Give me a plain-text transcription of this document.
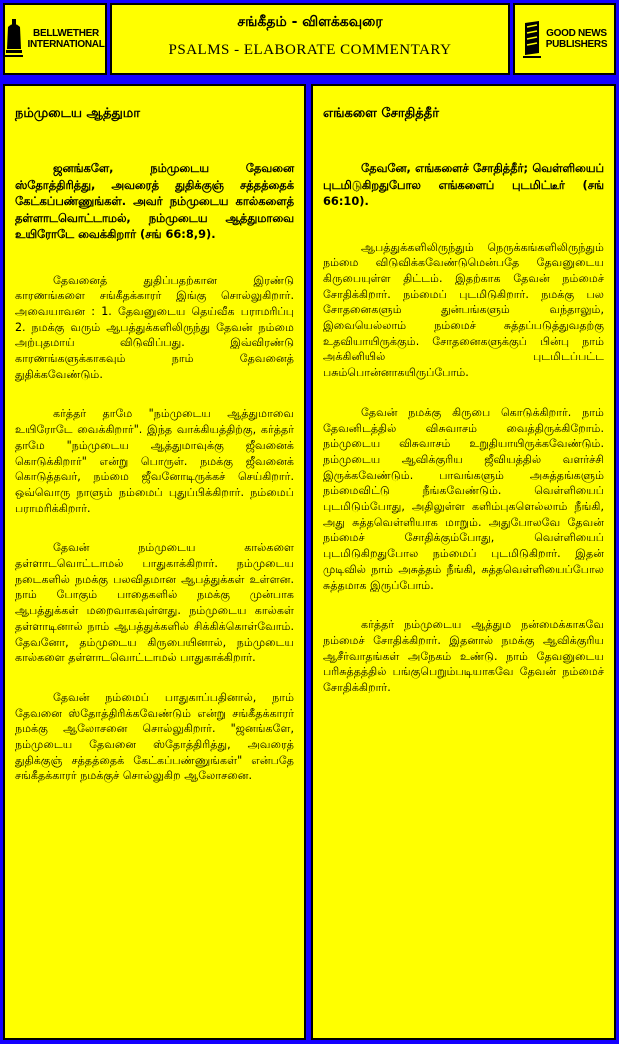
BELLWETHER
INTERNATIONAL
சங்கீதம் - விளக்கவுரை
PSALMS - ELABORATE COMMENTARY
GOOD NEWS
PUBLISHERS
நம்முடைய ஆத்துமா

ஜனங்களே, நம்முடைய தேவனை ஸ்தோத்திரித்து, அவரைத் துதிக்குஞ் சத்தத்தைக் கேட்கப்பண்ணுங்கள். அவர் நம்முடைய கால்களைத் தள்ளாடவொட்டாமல், நம்முடைய ஆத்துமாவை உயிரோடே வைக்கிறார் (சங் 66:8,9).

தேவனைத் துதிப்பதற்கான இரண்டு காரணங்களை சங்கீதக்காரர் இங்கு சொல்லுகிறார். அவையாவன : 1. தேவனுடைய தெய்வீக பராமரிப்பு 2. நமக்கு வரும் ஆபத்துக்களிலிருந்து தேவன் நம்மை அற்புதமாய் விடுவிப்பது. இவ்விரண்டு காரணங்களுக்காகவும் நாம் தேவனைத் துதிக்கவேண்டும்.

கர்த்தர் தாமே "நம்முடைய ஆத்துமாவை உயிரோடே வைக்கிறார்". இந்த வாக்கியத்திற்கு, கர்த்தர் தாமே "நம்முடைய ஆத்துமாவுக்கு ஜீவனைக் கொடுக்கிறார்" என்று பொருள். நமக்கு ஜீவனைக் கொடுத்தவர், நம்மை ஜீவனோடிருக்கச் செய்கிறார். ஒவ்வொரு நாளும் நம்மைப் புதுப்பிக்கிறார். நம்மைப் பராமரிக்கிறார்.

தேவன் நம்முடைய கால்களை தள்ளாடவொட்டாமல் பாதுகாக்கிறார். நம்முடைய நடைகளில் நமக்கு பலவிதமான ஆபத்துக்கள் உள்ளன. நாம் போகும் பாதைகளில் நமக்கு முன்பாக ஆபத்துக்கள் மறைவாகவுள்ளது. நம்முடைய கால்கள் தள்ளாடினால் நாம் ஆபத்துக்களில் சிக்கிக்கொள்வோம். தேவனோ, தம்முடைய கிருபையினால், நம்முடைய கால்களை தள்ளாடவொட்டாமல் பாதுகாக்கிறார்.

தேவன் நம்மைப் பாதுகாப்பதினால், நாம் தேவனை ஸ்தோத்திரிக்கவேண்டும் என்று சங்கீதக்காரர் நமக்கு ஆலோசனை சொல்லுகிறார். "ஜனங்களே, நம்முடைய தேவனை ஸ்தோத்திரித்து, அவரைத் துதிக்குஞ் சத்தத்தைக் கேட்கப்பண்ணுங்கள்" என்பதே சங்கீதக்காரர் நமக்குச் சொல்லுகிற ஆலோசனை.

எங்களை சோதித்தீர்

தேவனே, எங்களைச் சோதித்தீர்; வெள்ளியைப் புடமிடுகிறதுபோல எங்களைப் புடமிட்டீர் (சங் 66:10).

ஆபத்துக்களிலிருந்தும் நெருக்கங்களிலிருந்தும் நம்மை விடுவிக்கவேண்டுமென்பதே தேவனுடைய கிருபையுள்ள திட்டம். இதற்காக தேவன் நம்மைச் சோதிக்கிறார். நம்மைப் புடமிடுகிறார். நமக்கு பல சோதனைகளும் துன்பங்களும் வந்தாலும், இவையெல்லாம் நம்மைச் சுத்தப்படுத்துவதற்கு உதவியாயிருக்கும். சோதனைகளுக்குப் பின்பு நாம் அக்கினியில் புடமிடப்பட்ட பசும்பொன்னாகயிருப்போம்.

தேவன் நமக்கு கிருபை கொடுக்கிறார். நாம் தேவனிடத்தில் விசுவாசம் வைத்திருக்கிறோம். நம்முடைய விசுவாசம் உறுதியாயிருக்கவேண்டும். நம்முடைய ஆவிக்குரிய ஜீவியத்தில் வளர்ச்சி இருக்கவேண்டும். பாவங்களும் அசுத்தங்களும் நம்மைவிட்டு நீங்கவேண்டும். வெள்ளியைப் புடமிடும்போது, அதிலுள்ள களிம்புகளெல்லாம் நீங்கி, அது சுத்தவெள்ளியாக மாறும். அதுபோலவே தேவன் நம்மைச் சோதிக்கும்போது, வெள்ளியைப் புடமிடுகிறதுபோல நம்மைப் புடமிடுகிறார். இதன் முடிவில் நாம் அசுத்தம் நீங்கி, சுத்தவெள்ளியைப்போல சுத்தமாக இருப்போம்.

கர்த்தர் நம்முடைய ஆத்தும நன்மைக்காகவே நம்மைச் சோதிக்கிறார். இதனால் நமக்கு ஆவிக்குரிய ஆசீர்வாதங்கள் அநேகம் உண்டு. நாம் தேவனுடைய பரிசுத்தத்தில் பங்குபெறும்படியாகவே தேவன் நம்மைச் சோதிக்கிறார்.
